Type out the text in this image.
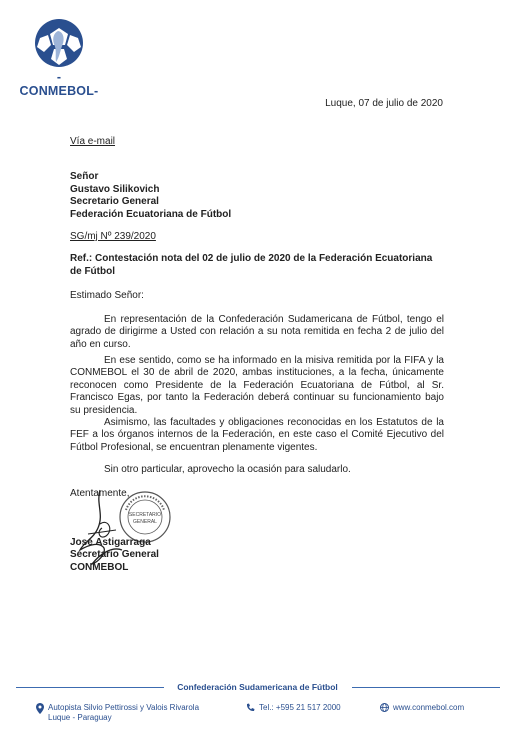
-CONMEBOL-
Luque, 07 de julio de 2020
Vía e-mail
Señor
Gustavo Silikovich
Secretario General
Federación Ecuatoriana de Fútbol
SG/mj Nº 239/2020
Ref.: Contestación nota del 02 de julio de 2020 de la Federación Ecuatoriana de Fútbol
Estimado Señor:

En representación de la Confederación Sudamericana de Fútbol, tengo el agrado de dirigirme a Usted con relación a su nota remitida en fecha 2 de julio del año en curso.

En ese sentido, como se ha informado en la misiva remitida por la FIFA y la CONMEBOL el 30 de abril de 2020, ambas instituciones, a la fecha, únicamente reconocen como Presidente de la Federación Ecuatoriana de Fútbol, al Sr. Francisco Egas, por tanto la Federación deberá continuar su funcionamiento bajo su presidencia.

Asimismo, las facultades y obligaciones reconocidas en los Estatutos de la FEF a los órganos internos de la Federación, en este caso el Comité Ejecutivo del Fútbol Profesional, se encuentran plenamente vigentes.

Sin otro particular, aprovecho la ocasión para saludarlo.

Atentamente,
SECRETARIO
GENERAL
José Astigarraga
Secretario General
CONMEBOL
Confederación Sudamericana de Fútbol
Autopista Silvio Pettirossi y Valois Rivarola
Luque - Paraguay
Tel.: +595 21 517 2000	www.conmebol.com
